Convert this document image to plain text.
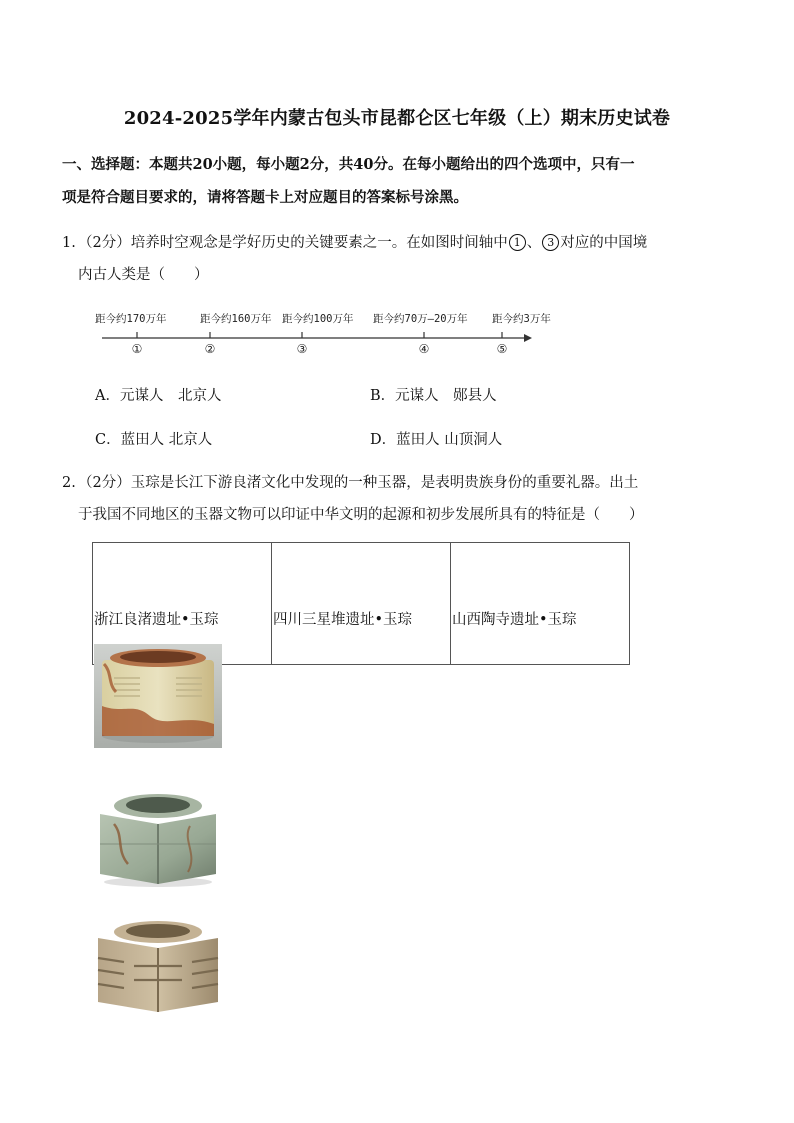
2024-2025学年内蒙古包头市昆都仑区七年级（上）期末历史试卷
一、选择题：本题共20小题，每小题2分，共40分。在每小题给出的四个选项中，只有一
项是符合题目要求的，请将答题卡上对应题目的答案标号涂黑。
1. （2分）培养时空观念是学好历史的关键要素之一。在如图时间轴中 1 、 3 对应的中国境
内古人类是（　　）
距今约170万年	距今约160万年 距今约100万年 距今约70万—20万年 距今约3万年
①	②	③	④	⑤
A．元谋人　北京人	B．元谋人　郧县人
C．蓝田人 北京人	D．蓝田人 山顶洞人
2. （2分）玉琮是长江下游良渚文化中发现的一种玉器，是表明贵族身份的重要礼器。出土
于我国不同地区的玉器文物可以印证中华文明的起源和初步发展所具有的特征是（　　）
浙江良渚遗址•玉琮	四川三星堆遗址•玉琮	山西陶寺遗址•玉琮
